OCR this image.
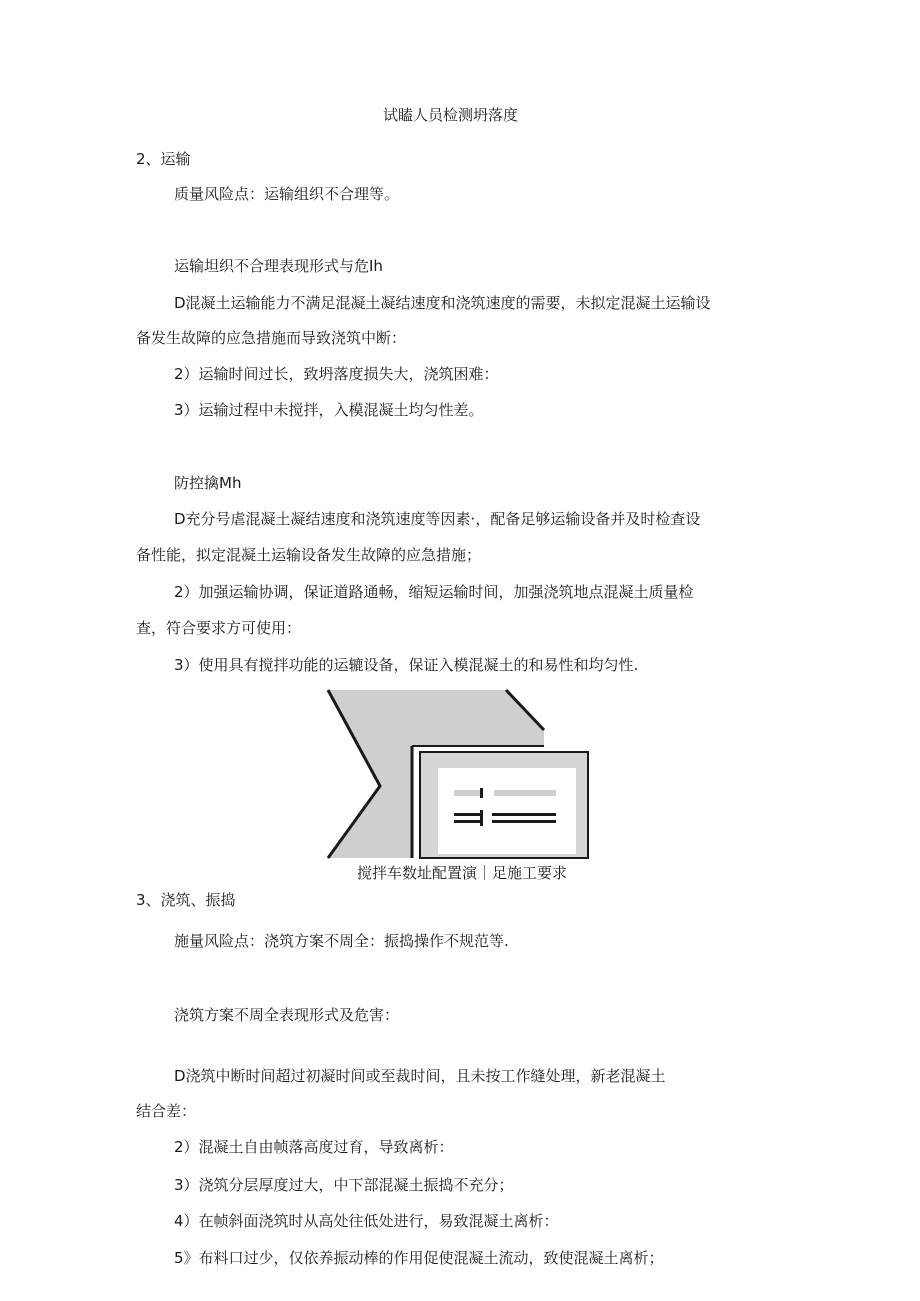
试瞌人员检测坍落度
2、运输
质量风险点：运输组织不合理等。
运输坦织不合理表现形式与危Ih
D混凝土运输能力不满足混凝土凝结速度和浇筑速度的需要，未拟定混凝土运输设
备发生故障的应急措施而导致浇筑中断：
2）运输时间过长，致坍落度损失大，浇筑困难：
3）运输过程中未搅拌，入模混凝土均匀性差。
防控擒Mh
D充分号虐混凝土凝结速度和浇筑速度等因素·，配备足够运输设备并及时检查设
备性能，拟定混凝土运输设备发生故障的应急措施；
2）加强运输协调，保证道路通畅，缩短运输时间，加强浇筑地点混凝土质量检
查，符合要求方可使用：
3）使用具有搅拌功能的运辘设备，保证入模混凝土的和易性和均匀性.
搅拌车数址配置演｜足施工要求
3、浇筑、振捣
施量风险点：浇筑方案不周全：振捣操作不规范等.
浇筑方案不周全表现形式及危害：
D浇筑中断时间超过初凝时间或至裁时间，且未按工作缝处理，新老混凝土
结合差：
2）混凝土自由帧落高度过育，导致离析：
3）浇筑分层厚度过大，中下部混凝土振捣不充分；
4）在帧斜面浇筑时从高处往低处进行，易致混凝土离析：
5》布料口过少，仅依养振动棒的作用促使混凝土流动，致使混凝土离析；
